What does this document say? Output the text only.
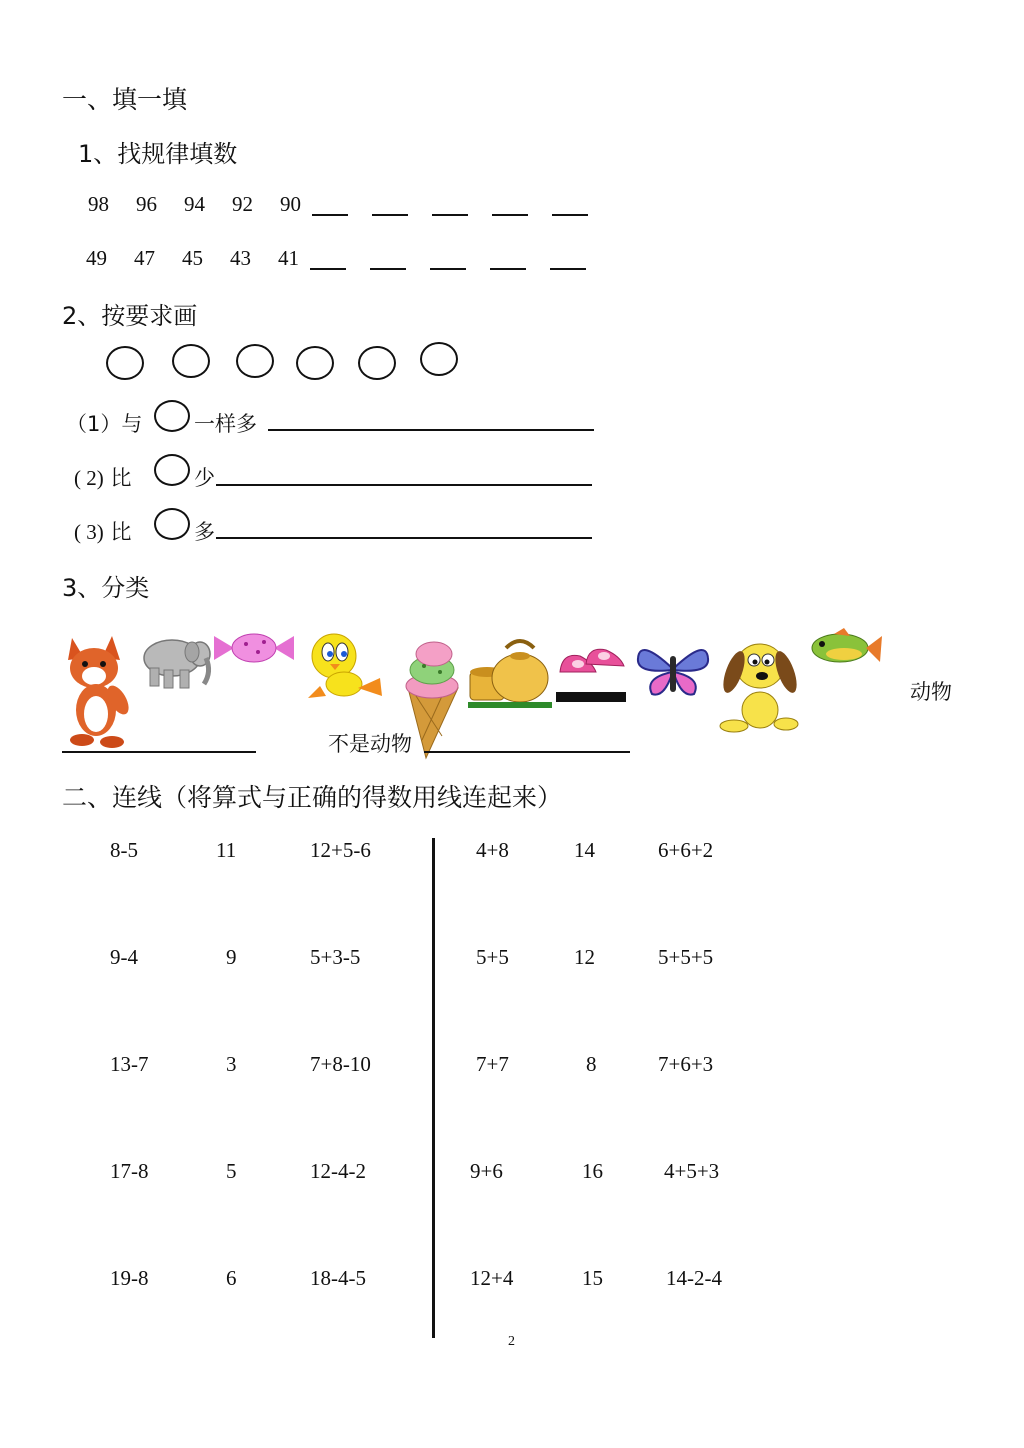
一、填一填
1、找规律填数
98 96 94 92 90
49 47 45 43 41
2、按要求画
（1）与 一样多
( 2) 比	少
( 3) 比	多
3、分类
动物
不是动物
二、连线（将算式与正确的得数用线连起来）
8-5	11	12+5-6
9-4	9	5+3-5
13-7	3	7+8-10
17-8	5	12-4-2
19-8	6	18-4-5
4+8	14	6+6+2
5+5	12	5+5+5
7+7	8	7+6+3
9+6	16	4+5+3
12+4	15	14-2-4
2
